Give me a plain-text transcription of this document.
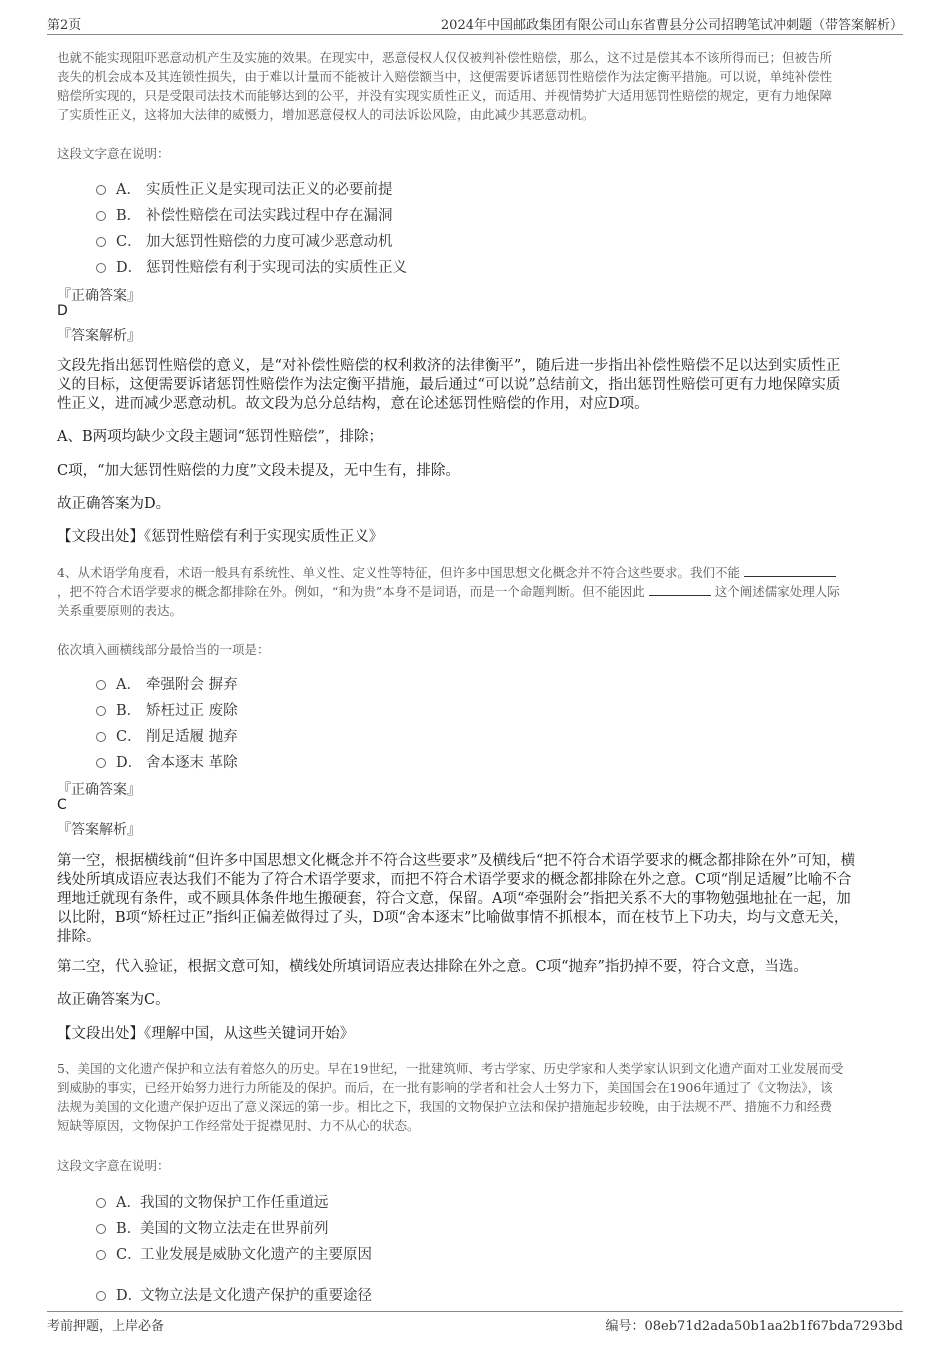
第2页	2024年中国邮政集团有限公司山东省曹县分公司招聘笔试冲刺题（带答案解析）
也就不能实现阻吓恶意动机产生及实施的效果。在现实中，恶意侵权人仅仅被判补偿性赔偿，那么，这不过是偿其本不该所得而已；但被告所
丧失的机会成本及其连锁性损失，由于难以计量而不能被计入赔偿额当中，这便需要诉诸惩罚性赔偿作为法定衡平措施。可以说，单纯补偿性
赔偿所实现的，只是受限司法技术而能够达到的公平，并没有实现实质性正义，而适用、并视情势扩大适用惩罚性赔偿的规定，更有力地保障
了实质性正义，这将加大法律的威慑力，增加恶意侵权人的司法诉讼风险，由此减少其恶意动机。
这段文字意在说明：
A． 实质性正义是实现司法正义的必要前提
B． 补偿性赔偿在司法实践过程中存在漏洞
C． 加大惩罚性赔偿的力度可减少恶意动机
D． 惩罚性赔偿有利于实现司法的实质性正义
『正确答案』
D
『答案解析』
文段先指出惩罚性赔偿的意义，是“对补偿性赔偿的权利救济的法律衡平”，随后进一步指出补偿性赔偿不足以达到实质性正
义的目标，这便需要诉诸惩罚性赔偿作为法定衡平措施，最后通过“可以说”总结前文，指出惩罚性赔偿可更有力地保障实质
性正义，进而减少恶意动机。故文段为总分总结构，意在论述惩罚性赔偿的作用，对应D项。
A、B两项均缺少文段主题词“惩罚性赔偿”，排除；
C项，“加大惩罚性赔偿的力度”文段未提及，无中生有，排除。
故正确答案为D。
【文段出处】《惩罚性赔偿有利于实现实质性正义》
4、从术语学角度看，术语一般具有系统性、单义性、定义性等特征，但许多中国思想文化概念并不符合这些要求。我们不能
，把不符合术语学要求的概念都排除在外。例如，“和为贵”本身不是词语，而是一个命题判断。但不能因此	这个阐述儒家处理人际
关系重要原则的表达。
依次填入画横线部分最恰当的一项是：
A． 牵强附会 摒弃
B． 矫枉过正 废除
C． 削足适履 抛弃
D． 舍本逐末 革除
『正确答案』
C
『答案解析』
第一空，根据横线前“但许多中国思想文化概念并不符合这些要求”及横线后“把不符合术语学要求的概念都排除在外”可知，横
线处所填成语应表达我们不能为了符合术语学要求，而把不符合术语学要求的概念都排除在外之意。C项“削足适履”比喻不合
理地迁就现有条件，或不顾具体条件地生搬硬套，符合文意，保留。A项“牵强附会”指把关系不大的事物勉强地扯在一起，加
以比附，B项“矫枉过正”指纠正偏差做得过了头，D项“舍本逐末”比喻做事情不抓根本，而在枝节上下功夫，均与文意无关，
排除。
第二空，代入验证，根据文意可知，横线处所填词语应表达排除在外之意。C项“抛弃”指扔掉不要，符合文意，当选。
故正确答案为C。
【文段出处】《理解中国，从这些关键词开始》
5、美国的文化遗产保护和立法有着悠久的历史。早在19世纪，一批建筑师、考古学家、历史学家和人类学家认识到文化遗产面对工业发展而受
到威胁的事实，已经开始努力进行力所能及的保护。而后，在一批有影响的学者和社会人士努力下，美国国会在1906年通过了《文物法》，该
法规为美国的文化遗产保护迈出了意义深远的第一步。相比之下，我国的文物保护立法和保护措施起步较晚，由于法规不严、措施不力和经费
短缺等原因，文物保护工作经常处于捉襟见肘、力不从心的状态。
这段文字意在说明：
A． 我国的文物保护工作任重道远
B．
美国的文物立法走在世界前列
C．
工业发展是威胁文化遗产的主要原因
D．
文物立法是文化遗产保护的重要途径
考前押题，上岸必备	编号：08eb71d2ada50b1aa2b1f67bda7293bd
